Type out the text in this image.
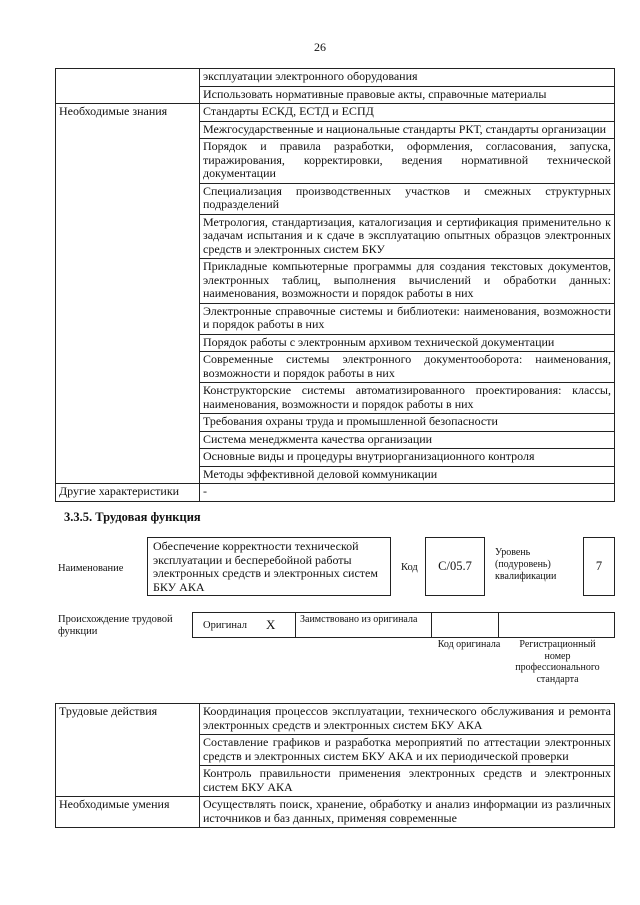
26
	эксплуатации электронного оборудования
	Использовать нормативные правовые акты, справочные материалы
Необходимые знания	Стандарты ЕСКД, ЕСТД и ЕСПД
	Межгосударственные и национальные стандарты РКТ, стандарты организации
	Порядок и правила разработки, оформления, согласования, запуска, тиражирования, корректировки, ведения нормативной технической документации
	Специализация производственных участков и смежных структурных подразделений
	Метрология, стандартизация, каталогизация и сертификация применительно к задачам испытания и к сдаче в эксплуатацию опытных образцов электронных средств и электронных систем БКУ
	Прикладные компьютерные программы для создания текстовых документов, электронных таблиц, выполнения вычислений и обработки данных: наименования, возможности и порядок работы в них
	Электронные справочные системы и библиотеки: наименования, возможности и порядок работы в них
	Порядок работы с электронным архивом технической документации
	Современные системы электронного документооборота: наименования, возможности и порядок работы в них
	Конструкторские системы автоматизированного проектирования: классы, наименования, возможности и порядок работы в них
	Требования охраны труда и промышленной безопасности
	Система менеджмента качества организации
	Основные виды и процедуры внутриорганизационного контроля
	Методы эффективной деловой коммуникации
Другие характеристики	-
3.3.5. Трудовая функция
Наименование
Обеспечение корректности технической эксплуатации и бесперебойной работы электронных средств и электронных систем БКУ АКА
Код	С/05.7
Уровень (подуровень) квалификации
7
Происхождение трудовой функции
Оригинал X Заимствовано из оригинала
Код оригинала	Регистрационный номер профессионального стандарта
Трудовые действия	Координация процессов эксплуатации, технического обслуживания и ремонта электронных средств и электронных систем БКУ АКА
	Составление графиков и разработка мероприятий по аттестации электронных средств и электронных систем БКУ АКА и их периодической проверки
	Контроль правильности применения электронных средств и электронных систем БКУ АКА
Необходимые умения	Осуществлять поиск, хранение, обработку и анализ информации из различных источников и баз данных, применяя современные
